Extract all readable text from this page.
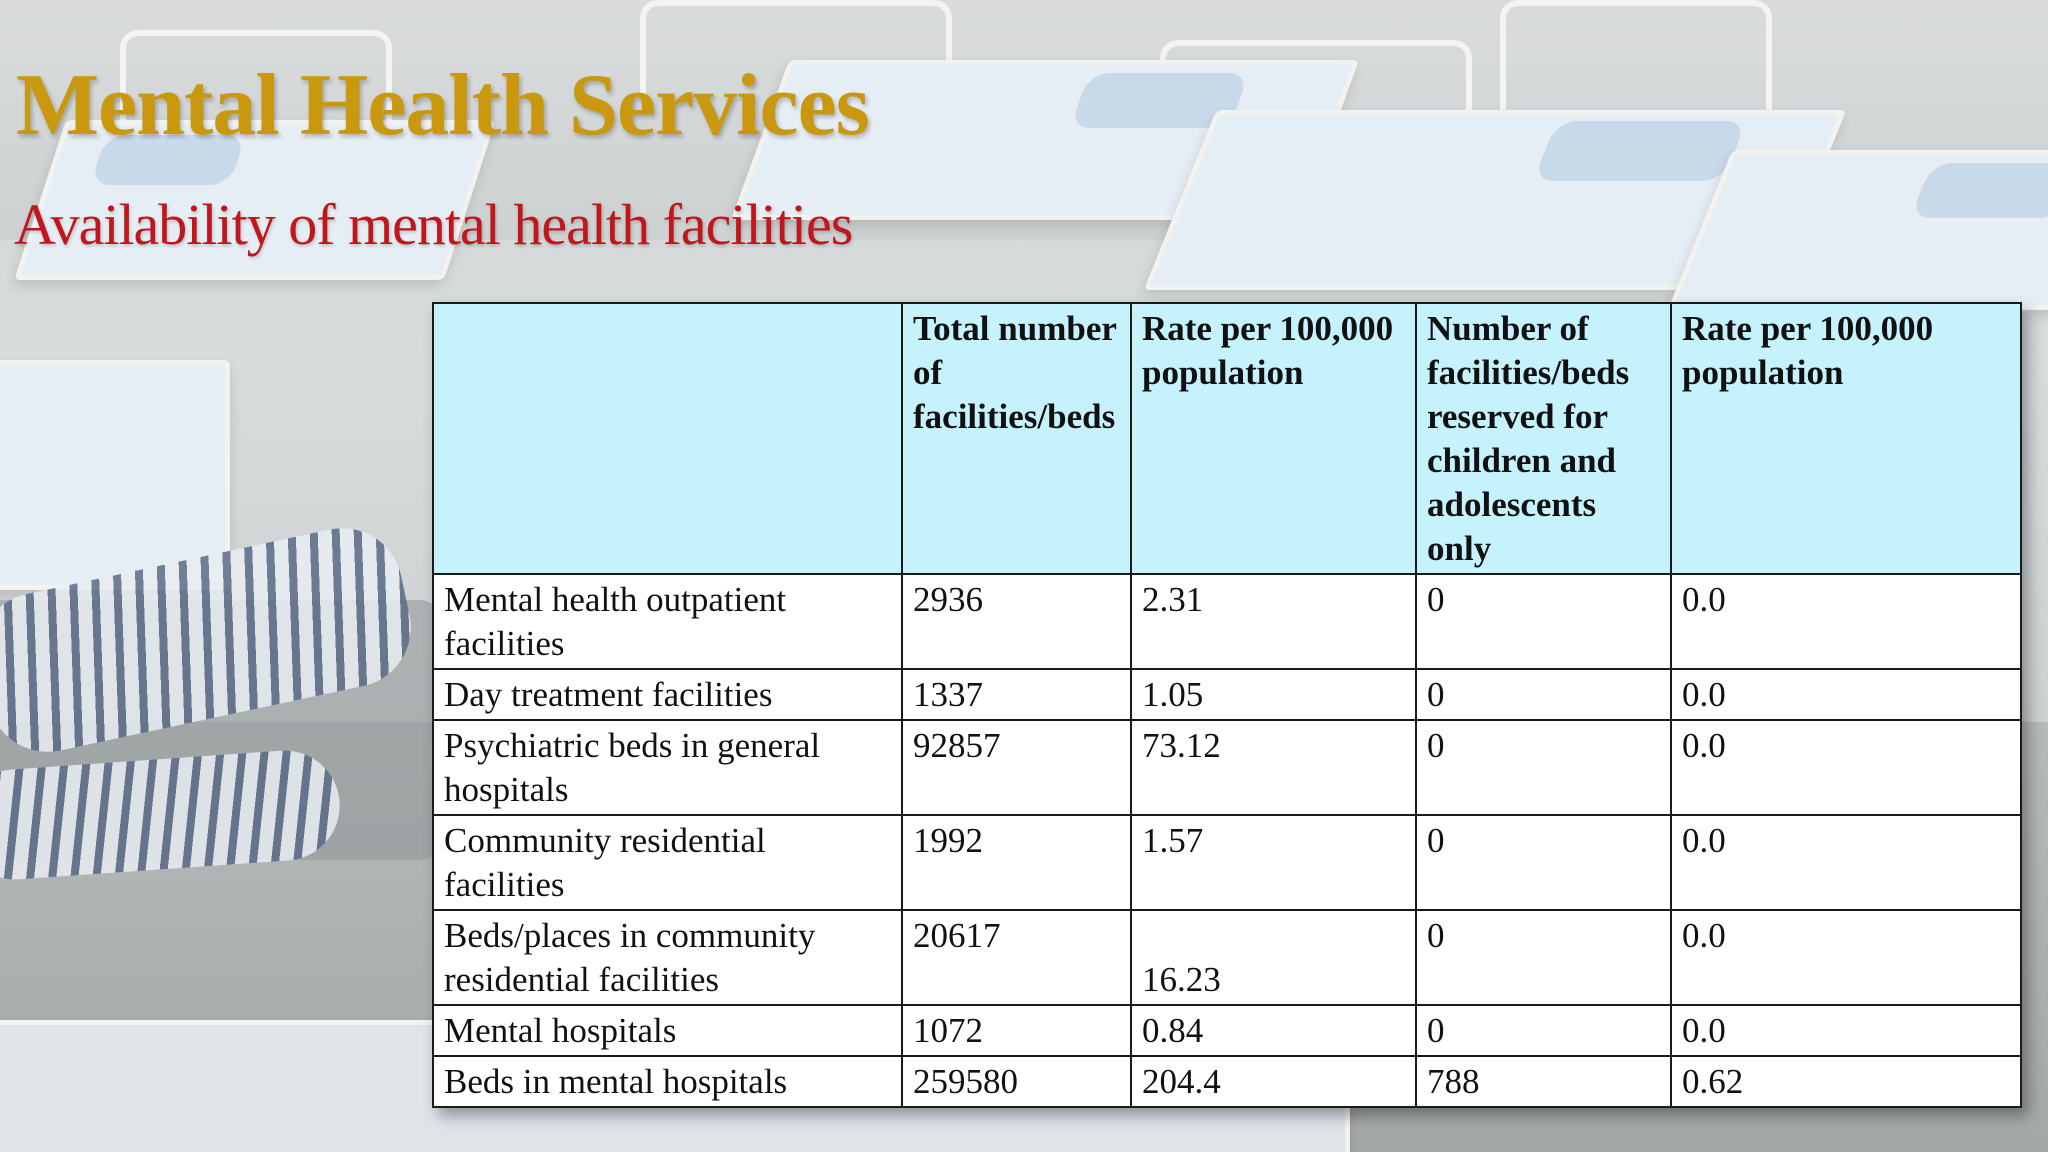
Mental Health Services
Availability of mental health facilities
	Total number of facilities/beds	Rate per 100,000 population	Number of facilities/beds reserved for children and adolescents only	Rate per 100,000 population
Mental health outpatient facilities	2936	2.31	0	0.0
Day treatment facilities	1337	1.05	0	0.0
Psychiatric beds in general hospitals	92857	73.12	0	0.0
Community residential facilities	1992	1.57	0	0.0
Beds/places in community residential facilities	20617	16.23	0	0.0
Mental hospitals	1072	0.84	0	0.0
Beds in mental hospitals	259580	204.4	788	0.62
